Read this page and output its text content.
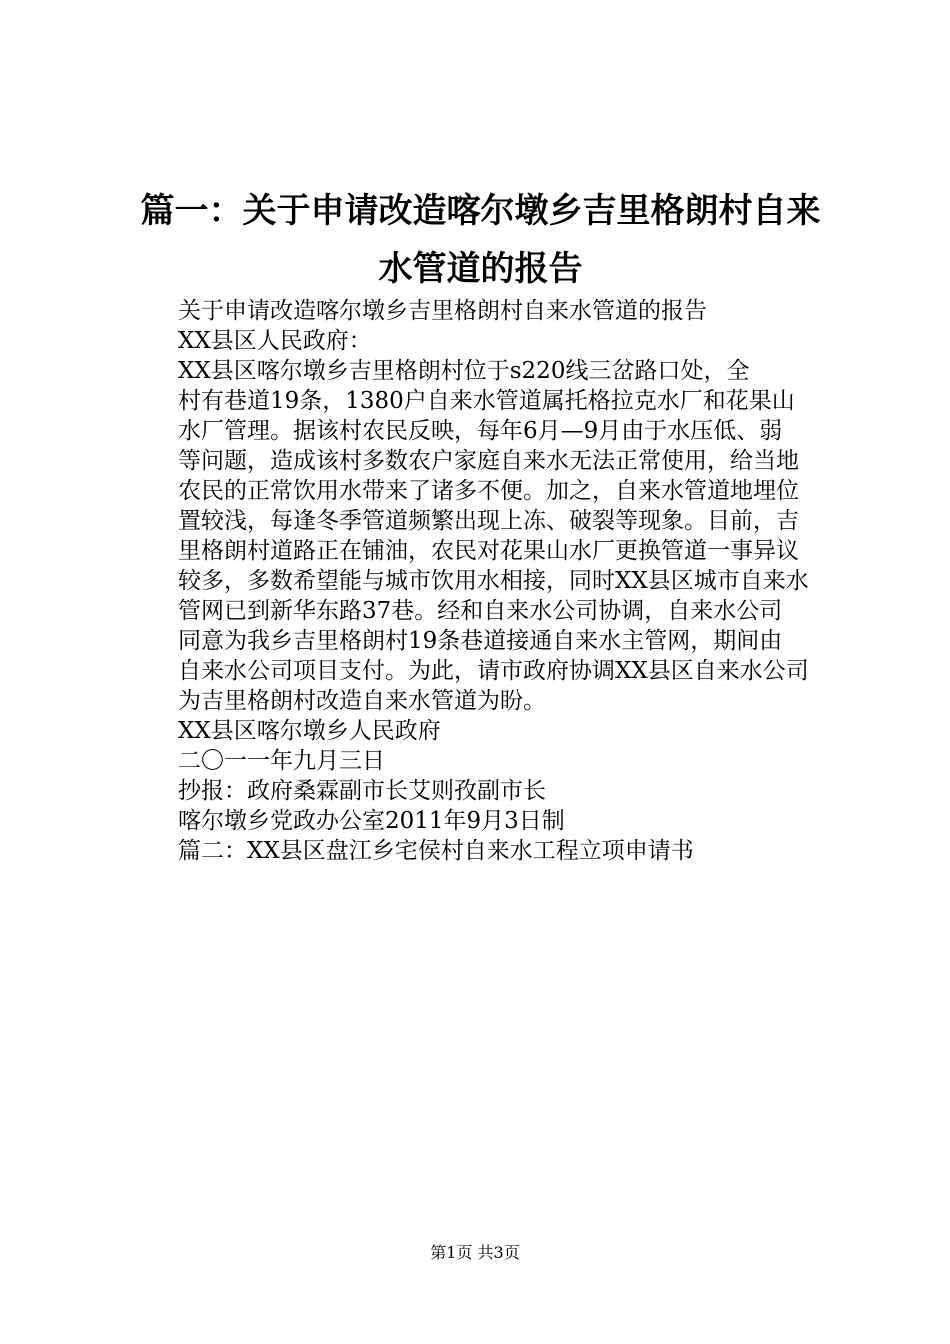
篇一：关于申请改造喀尔墩乡吉里格朗村自来水管道的报告

关于申请改造喀尔墩乡吉里格朗村自来水管道的报告

XX县区人民政府：

XX县区喀尔墩乡吉里格朗村位于s220线三岔路口处，全

村有巷道19条，1380户自来水管道属托格拉克水厂和花果山

水厂管理。据该村农民反映，每年6月—9月由于水压低、弱

等问题，造成该村多数农户家庭自来水无法正常使用，给当地

农民的正常饮用水带来了诸多不便。加之，自来水管道地埋位

置较浅，每逢冬季管道频繁出现上冻、破裂等现象。目前，吉

里格朗村道路正在铺油，农民对花果山水厂更换管道一事异议

较多，多数希望能与城市饮用水相接，同时XX县区城市自来水

管网已到新华东路37巷。经和自来水公司协调，自来水公司

同意为我乡吉里格朗村19条巷道接通自来水主管网，期间由

自来水公司项目支付。为此，请市政府协调XX县区自来水公司

为吉里格朗村改造自来水管道为盼。

XX县区喀尔墩乡人民政府

二〇一一年九月三日

抄报：政府桑霖副市长艾则孜副市长

喀尔墩乡党政办公室2011年9月3日制

篇二：XX县区盘江乡宅侯村自来水工程立项申请书

第1页 共3页
